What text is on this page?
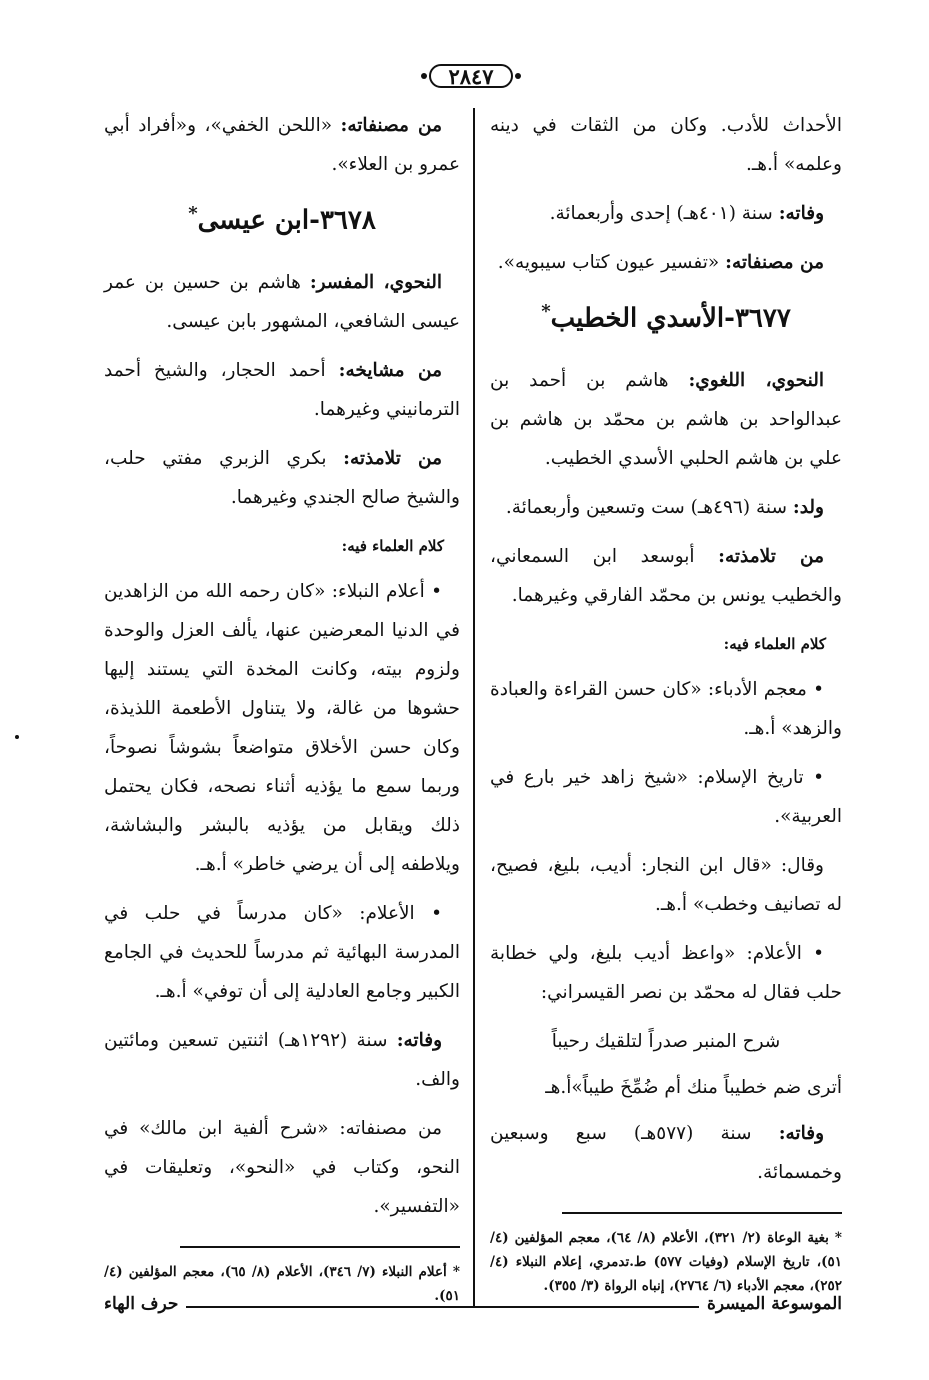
٢٨٤٧

الأحداث للأدب. وكان من الثقات في دينه وعلمه» أ.هـ.

وفاته: سنة (٤٠١هـ) إحدى وأربعمائة.

من مصنفاته: «تفسير عيون كتاب سيبويه».

٣٦٧٧-الأسدي الخطيب*

النحوي، اللغوي: هاشم بن أحمد بن عبدالواحد بن هاشم بن محمّد بن هاشم بن علي بن هاشم الحلبي الأسدي الخطيب.

ولد: سنة (٤٩٦هـ) ست وتسعين وأربعمائة.

من تلامذته: أبوسعد ابن السمعاني، والخطيب يونس بن محمّد الفارقي وغيرهما.

كلام العلماء فيه:

• معجم الأدباء: «كان حسن القراءة والعبادة والزهد» أ.هـ.

• تاريخ الإسلام: «شيخ زاهد خير بارع في العربية».

وقال: «قال ابن النجار: أديب، بليغ، فصيح، له تصانيف وخطب» أ.هـ.

• الأعلام: «واعظ أديب بليغ، ولي خطابة حلب فقال له محمّد بن نصر القيسراني:

شرح المنبر صدراً لتلقيك رحيباً

أترى ضم خطيباً منك أم ضُمِّخَ طيباً»أ.هـ

وفاته: سنة (٥٧٧هـ) سبع وسبعين وخمسمائة.

* بغية الوعاة (٢/ ٣٢١)، الأعلام (٨/ ٦٤)، معجم المؤلفين (٤/ ٥١)، تاريخ الإسلام (وفيات ٥٧٧) ط.تدمري، إعلام النبلاء (٤/ ٢٥٢)، معجم الأدباء (٦/ ٢٧٦٤)، إنباه الرواة (٣/ ٣٥٥).

من مصنفاته: «اللحن الخفي»، و«أفراد أبي عمرو بن العلاء».

٣٦٧٨-ابن عيسى*

النحوي، المفسر: هاشم بن حسين بن عمر عيسى الشافعي، المشهور بابن عيسى.

من مشايخه: أحمد الحجار، والشيخ أحمد الترمانيني وغيرهما.

من تلامذته: بكري الزبري مفتي حلب، والشيخ صالح الجندي وغيرهما.

كلام العلماء فيه:

• أعلام النبلاء: «كان رحمه الله من الزاهدين في الدنيا المعرضين عنها، يألف العزل والوحدة ولزوم بيته، وكانت المخدة التي يستند إليها حشوها من غالة، ولا يتناول الأطعمة اللذيذة، وكان حسن الأخلاق متواضعاً بشوشاً نصوحاً، وربما سمع ما يؤذيه أثناء نصحه، فكان يحتمل ذلك ويقابل من يؤذيه بالبشر والبشاشة، ويلاطفه إلى أن يرضي خاطر» أ.هـ.

• الأعلام: «كان مدرساً في حلب في المدرسة البهائية ثم مدرساً للحديث في الجامع الكبير وجامع العادلية إلى أن توفي» أ.هـ.

وفاته: سنة (١٢٩٢هـ) اثنتين تسعين ومائتين والف.

من مصنفاته: «شرح ألفية ابن مالك» في النحو، وكتاب في «النحو»، وتعليقات في «التفسير».

* أعلام النبلاء (٧/ ٣٤٦)، الأعلام (٨/ ٦٥)، معجم المؤلفين (٤/ ٥١).	الموسوعة الميسرة
حرف الهاء
